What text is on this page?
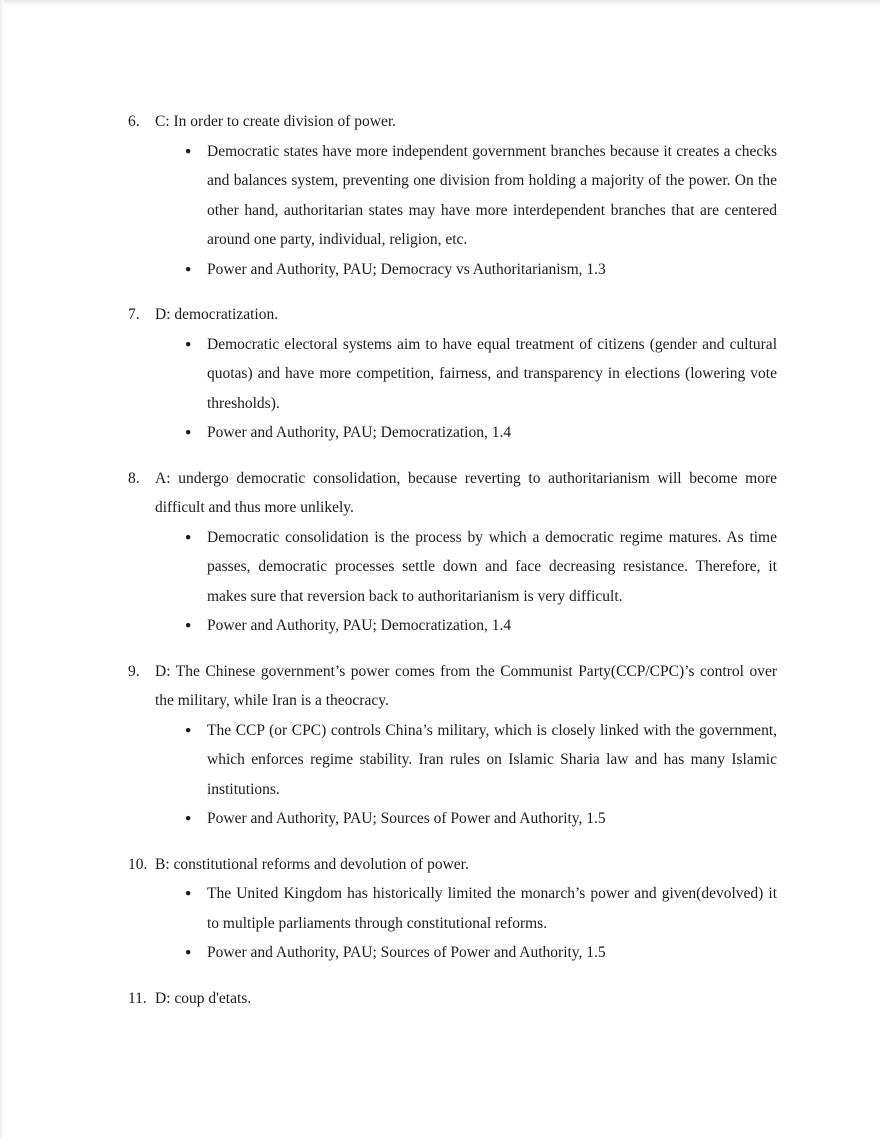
6. C: In order to create division of power.

●	Democratic states have more independent government branches because it creates a checks and balances system, preventing one division from holding a majority of the power. On the other hand, authoritarian states may have more interdependent branches that are centered around one party, individual, religion, etc.

●	Power and Authority, PAU; Democracy vs Authoritarianism, 1.3

7. D: democratization.

●	Democratic electoral systems aim to have equal treatment of citizens (gender and cultural quotas) and have more competition, fairness, and transparency in elections (lowering vote thresholds).

●	Power and Authority, PAU; Democratization, 1.4

8. A: undergo democratic consolidation, because reverting to authoritarianism will become more difficult and thus more unlikely.

●	Democratic consolidation is the process by which a democratic regime matures. As time passes, democratic processes settle down and face decreasing resistance. Therefore, it makes sure that reversion back to authoritarianism is very difficult.

●	Power and Authority, PAU; Democratization, 1.4

9. D: The Chinese government’s power comes from the Communist Party(CCP/CPC)’s control over the military, while Iran is a theocracy.

●	The CCP (or CPC) controls China’s military, which is closely linked with the government, which enforces regime stability. Iran rules on Islamic Sharia law and has many Islamic institutions.

●	Power and Authority, PAU; Sources of Power and Authority, 1.5

10. B: constitutional reforms and devolution of power.

●	The United Kingdom has historically limited the monarch’s power and given(devolved) it to multiple parliaments through constitutional reforms.

●	Power and Authority, PAU; Sources of Power and Authority, 1.5

11. D: coup d'etats.
